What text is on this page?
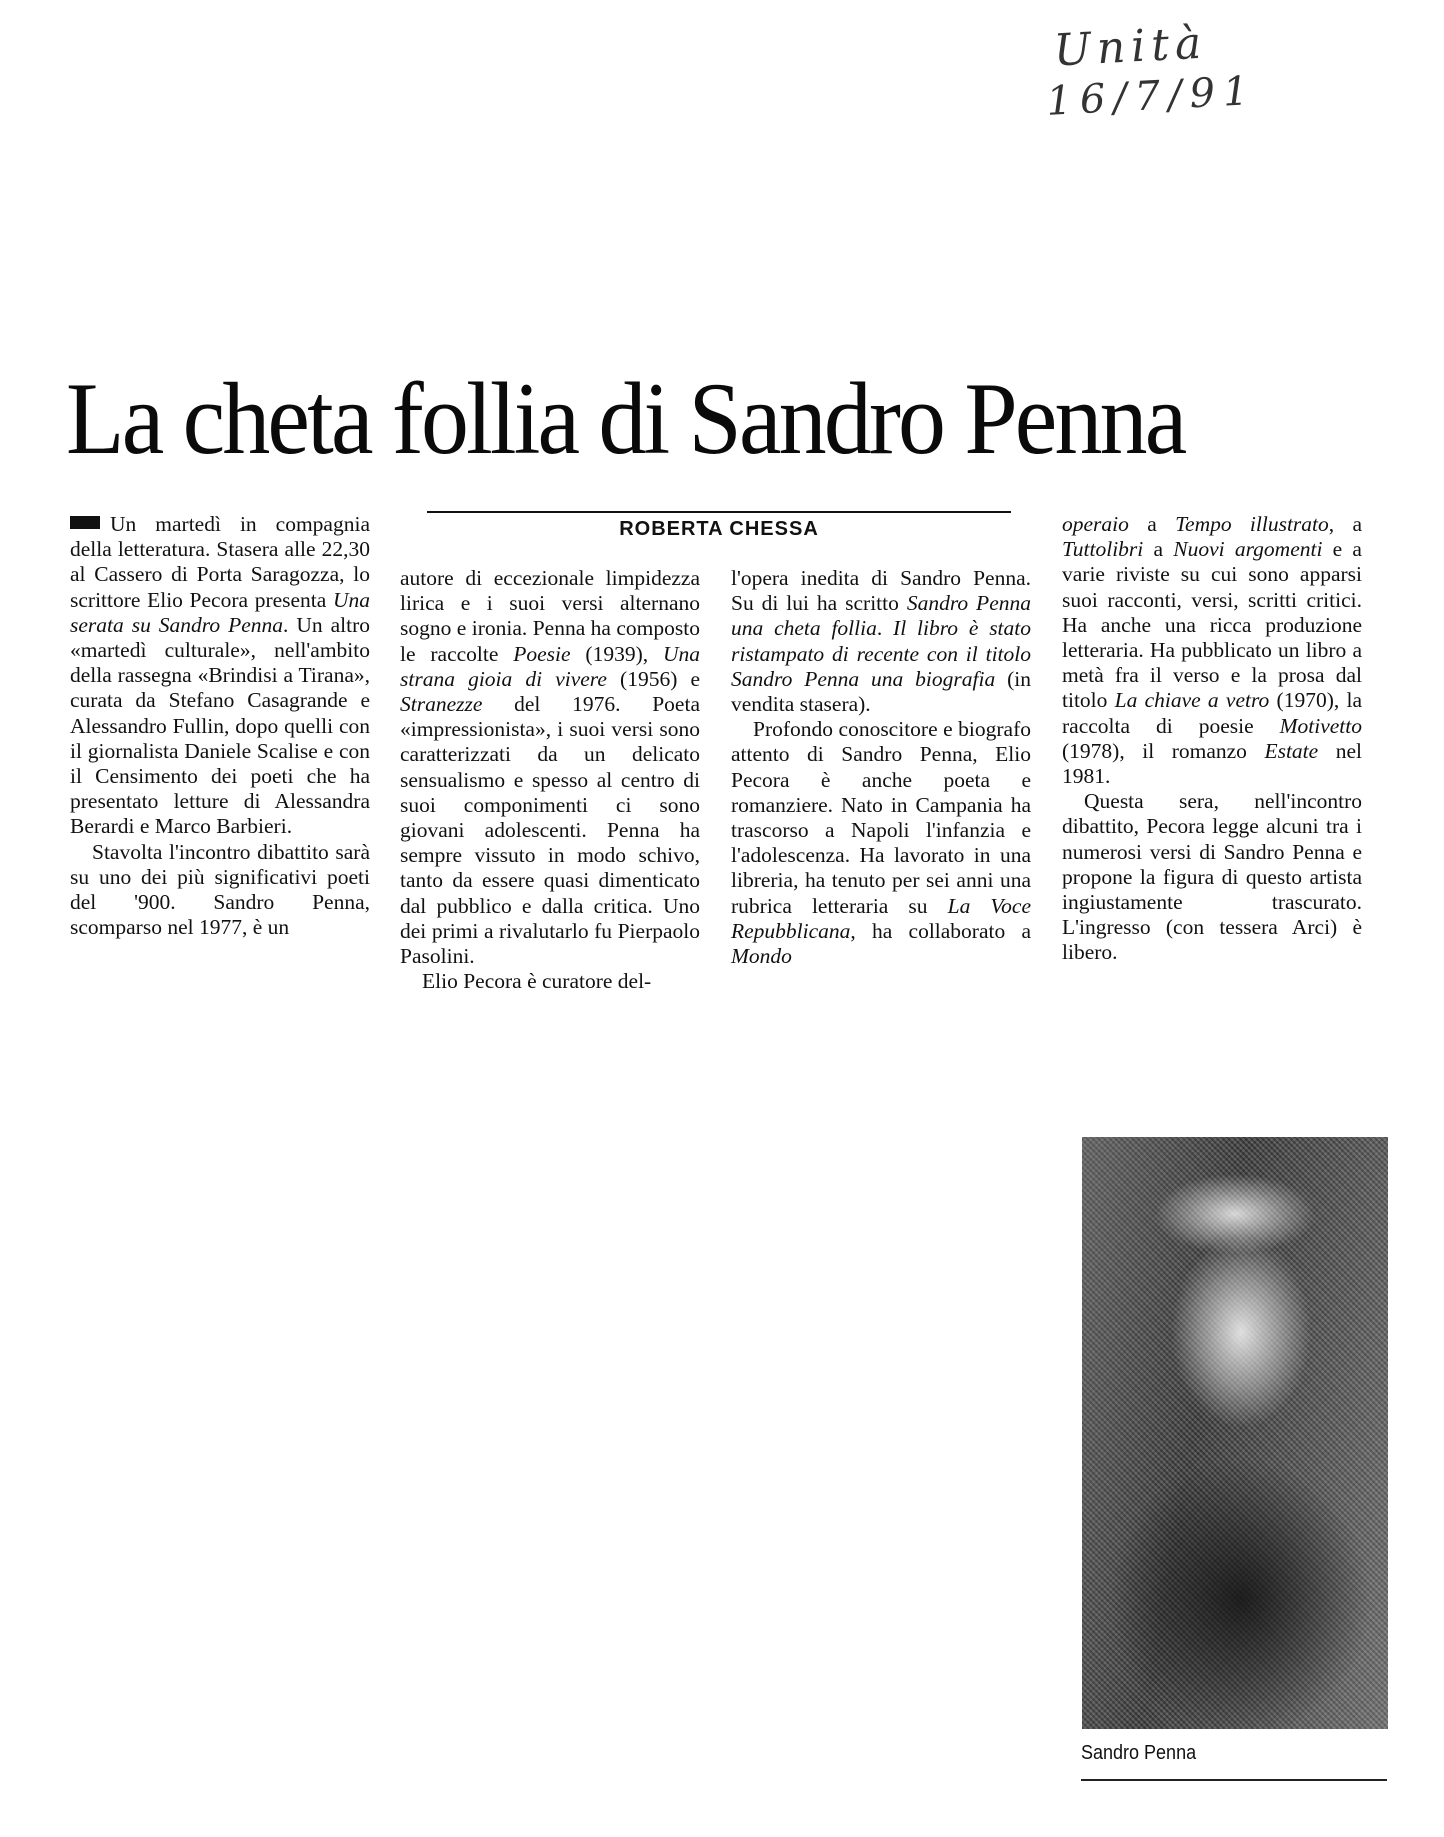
Unità
16/7/91
La cheta follia di Sandro Penna
ROBERTA CHESSA

Un martedì in compagnia della letteratura. Stasera alle 22,30 al Cassero di Porta Saragozza, lo scrittore Elio Pecora presenta Una serata su Sandro Penna. Un altro «martedì culturale», nell'ambito della rassegna «Brindisi a Tirana», curata da Stefano Casagrande e Alessandro Fullin, dopo quelli con il giornalista Daniele Scalise e con il Censimento dei poeti che ha presentato letture di Alessandra Berardi e Marco Barbieri.

Stavolta l'incontro dibattito sarà su uno dei più significativi poeti del '900. Sandro Penna, scomparso nel 1977, è un

autore di eccezionale limpidezza lirica e i suoi versi alternano sogno e ironia. Penna ha composto le raccolte Poesie (1939), Una strana gioia di vivere (1956) e Stranezze del 1976. Poeta «impressionista», i suoi versi sono caratterizzati da un delicato sensualismo e spesso al centro di suoi componimenti ci sono giovani adolescenti. Penna ha sempre vissuto in modo schivo, tanto da essere quasi dimenticato dal pubblico e dalla critica. Uno dei primi a rivalutarlo fu Pierpaolo Pasolini.

Elio Pecora è curatore del-

l'opera inedita di Sandro Penna. Su di lui ha scritto Sandro Penna una cheta follia. Il libro è stato ristampato di recente con il titolo Sandro Penna una biografia (in vendita stasera).

Profondo conoscitore e biografo attento di Sandro Penna, Elio Pecora è anche poeta e romanziere. Nato in Campania ha trascorso a Napoli l'infanzia e l'adolescenza. Ha lavorato in una libreria, ha tenuto per sei anni una rubrica letteraria su La Voce Repubblicana, ha collaborato a Mondo

operaio a Tempo illustrato, a Tuttolibri a Nuovi argomenti e a varie riviste su cui sono apparsi suoi racconti, versi, scritti critici. Ha anche una ricca produzione letteraria. Ha pubblicato un libro a metà fra il verso e la prosa dal titolo La chiave a vetro (1970), la raccolta di poesie Motivetto (1978), il romanzo Estate nel 1981.

Questa sera, nell'incontro dibattito, Pecora legge alcuni tra i numerosi versi di Sandro Penna e propone la figura di questo artista ingiustamente trascurato. L'ingresso (con tessera Arci) è libero.

Sandro Penna
